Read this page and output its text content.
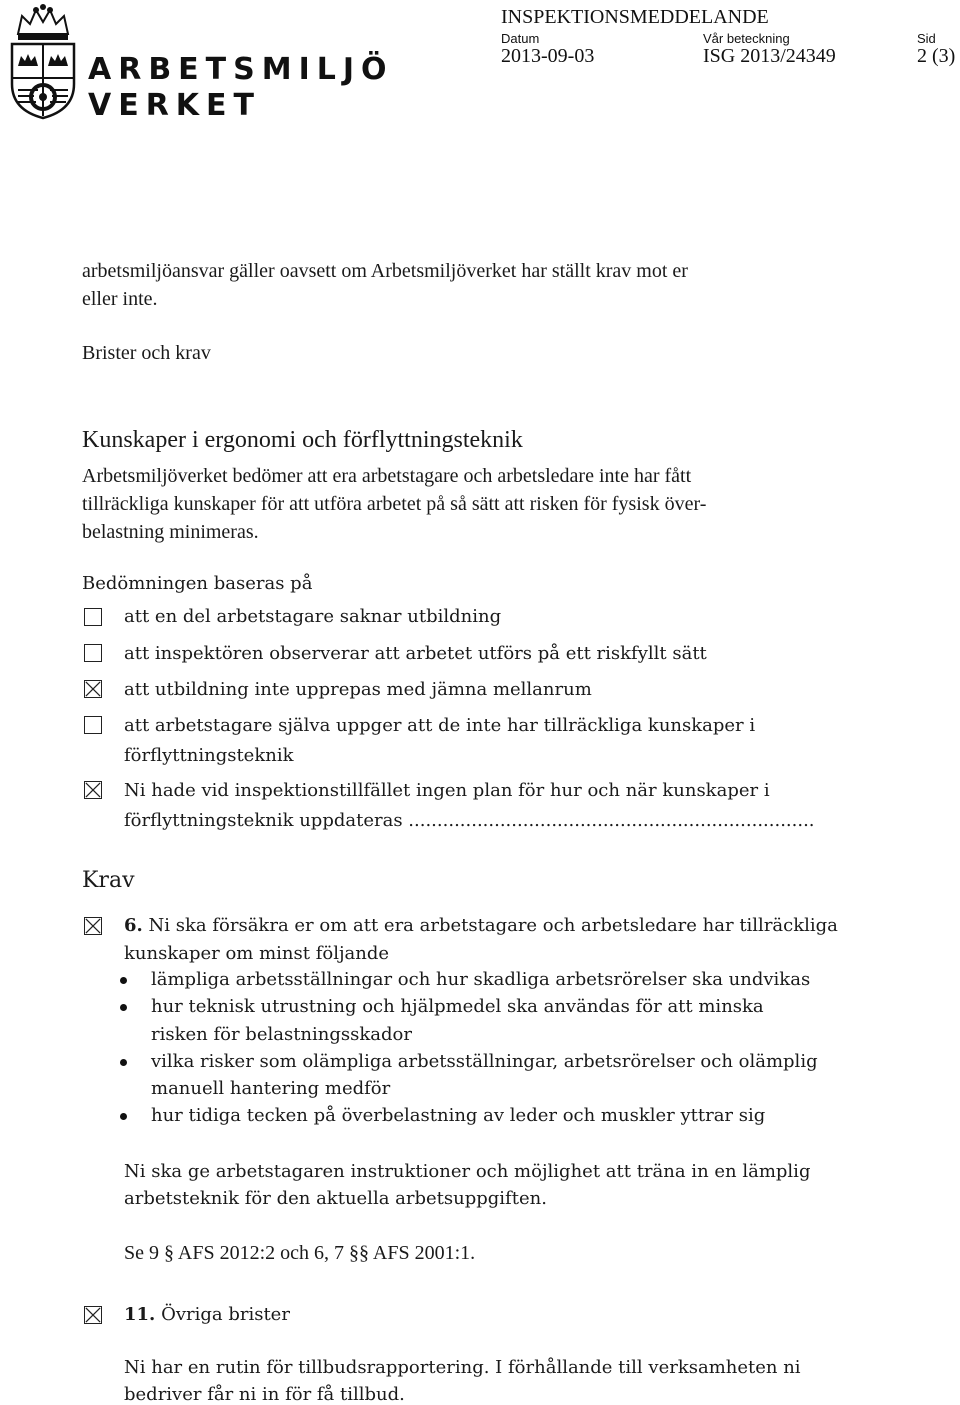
ARBETSMILJÖ
VERKET
INSPEKTIONSMEDDELANDE
Datum	Vår beteckning	Sid
2013-09-03	ISG 2013/24349	2 (3)
arbetsmiljöansvar gäller oavsett om Arbetsmiljöverket har ställt krav mot er
eller inte.
Brister och krav
Kunskaper i ergonomi och förflyttningsteknik
Arbetsmiljöverket bedömer att era arbetstagare och arbetsledare inte har fått
tillräckliga kunskaper för att utföra arbetet på så sätt att risken för fysisk över-
belastning minimeras.
Bedömningen baseras på
att en del arbetstagare saknar utbildning
att inspektören observerar att arbetet utförs på ett riskfyllt sätt
att utbildning inte upprepas med jämna mellanrum
att arbetstagare själva uppger att de inte har tillräckliga kunskaper i
förflyttningsteknik
Ni hade vid inspektionstillfället ingen plan för hur och när kunskaper i
förflyttningsteknik uppdateras .......................................................................
Krav
6. Ni ska försäkra er om att era arbetstagare och arbetsledare har tillräckliga
kunskaper om minst följande
lämpliga arbetsställningar och hur skadliga arbetsrörelser ska undvikas
hur teknisk utrustning och hjälpmedel ska användas för att minska
risken för belastningsskador
vilka risker som olämpliga arbetsställningar, arbetsrörelser och olämplig
manuell hantering medför
hur tidiga tecken på överbelastning av leder och muskler yttrar sig
Ni ska ge arbetstagaren instruktioner och möjlighet att träna in en lämplig
arbetsteknik för den aktuella arbetsuppgiften.
Se 9 § AFS 2012:2 och 6, 7 §§ AFS 2001:1.
11. Övriga brister
Ni har en rutin för tillbudsrapportering. I förhållande till verksamheten ni
bedriver får ni in för få tillbud.
